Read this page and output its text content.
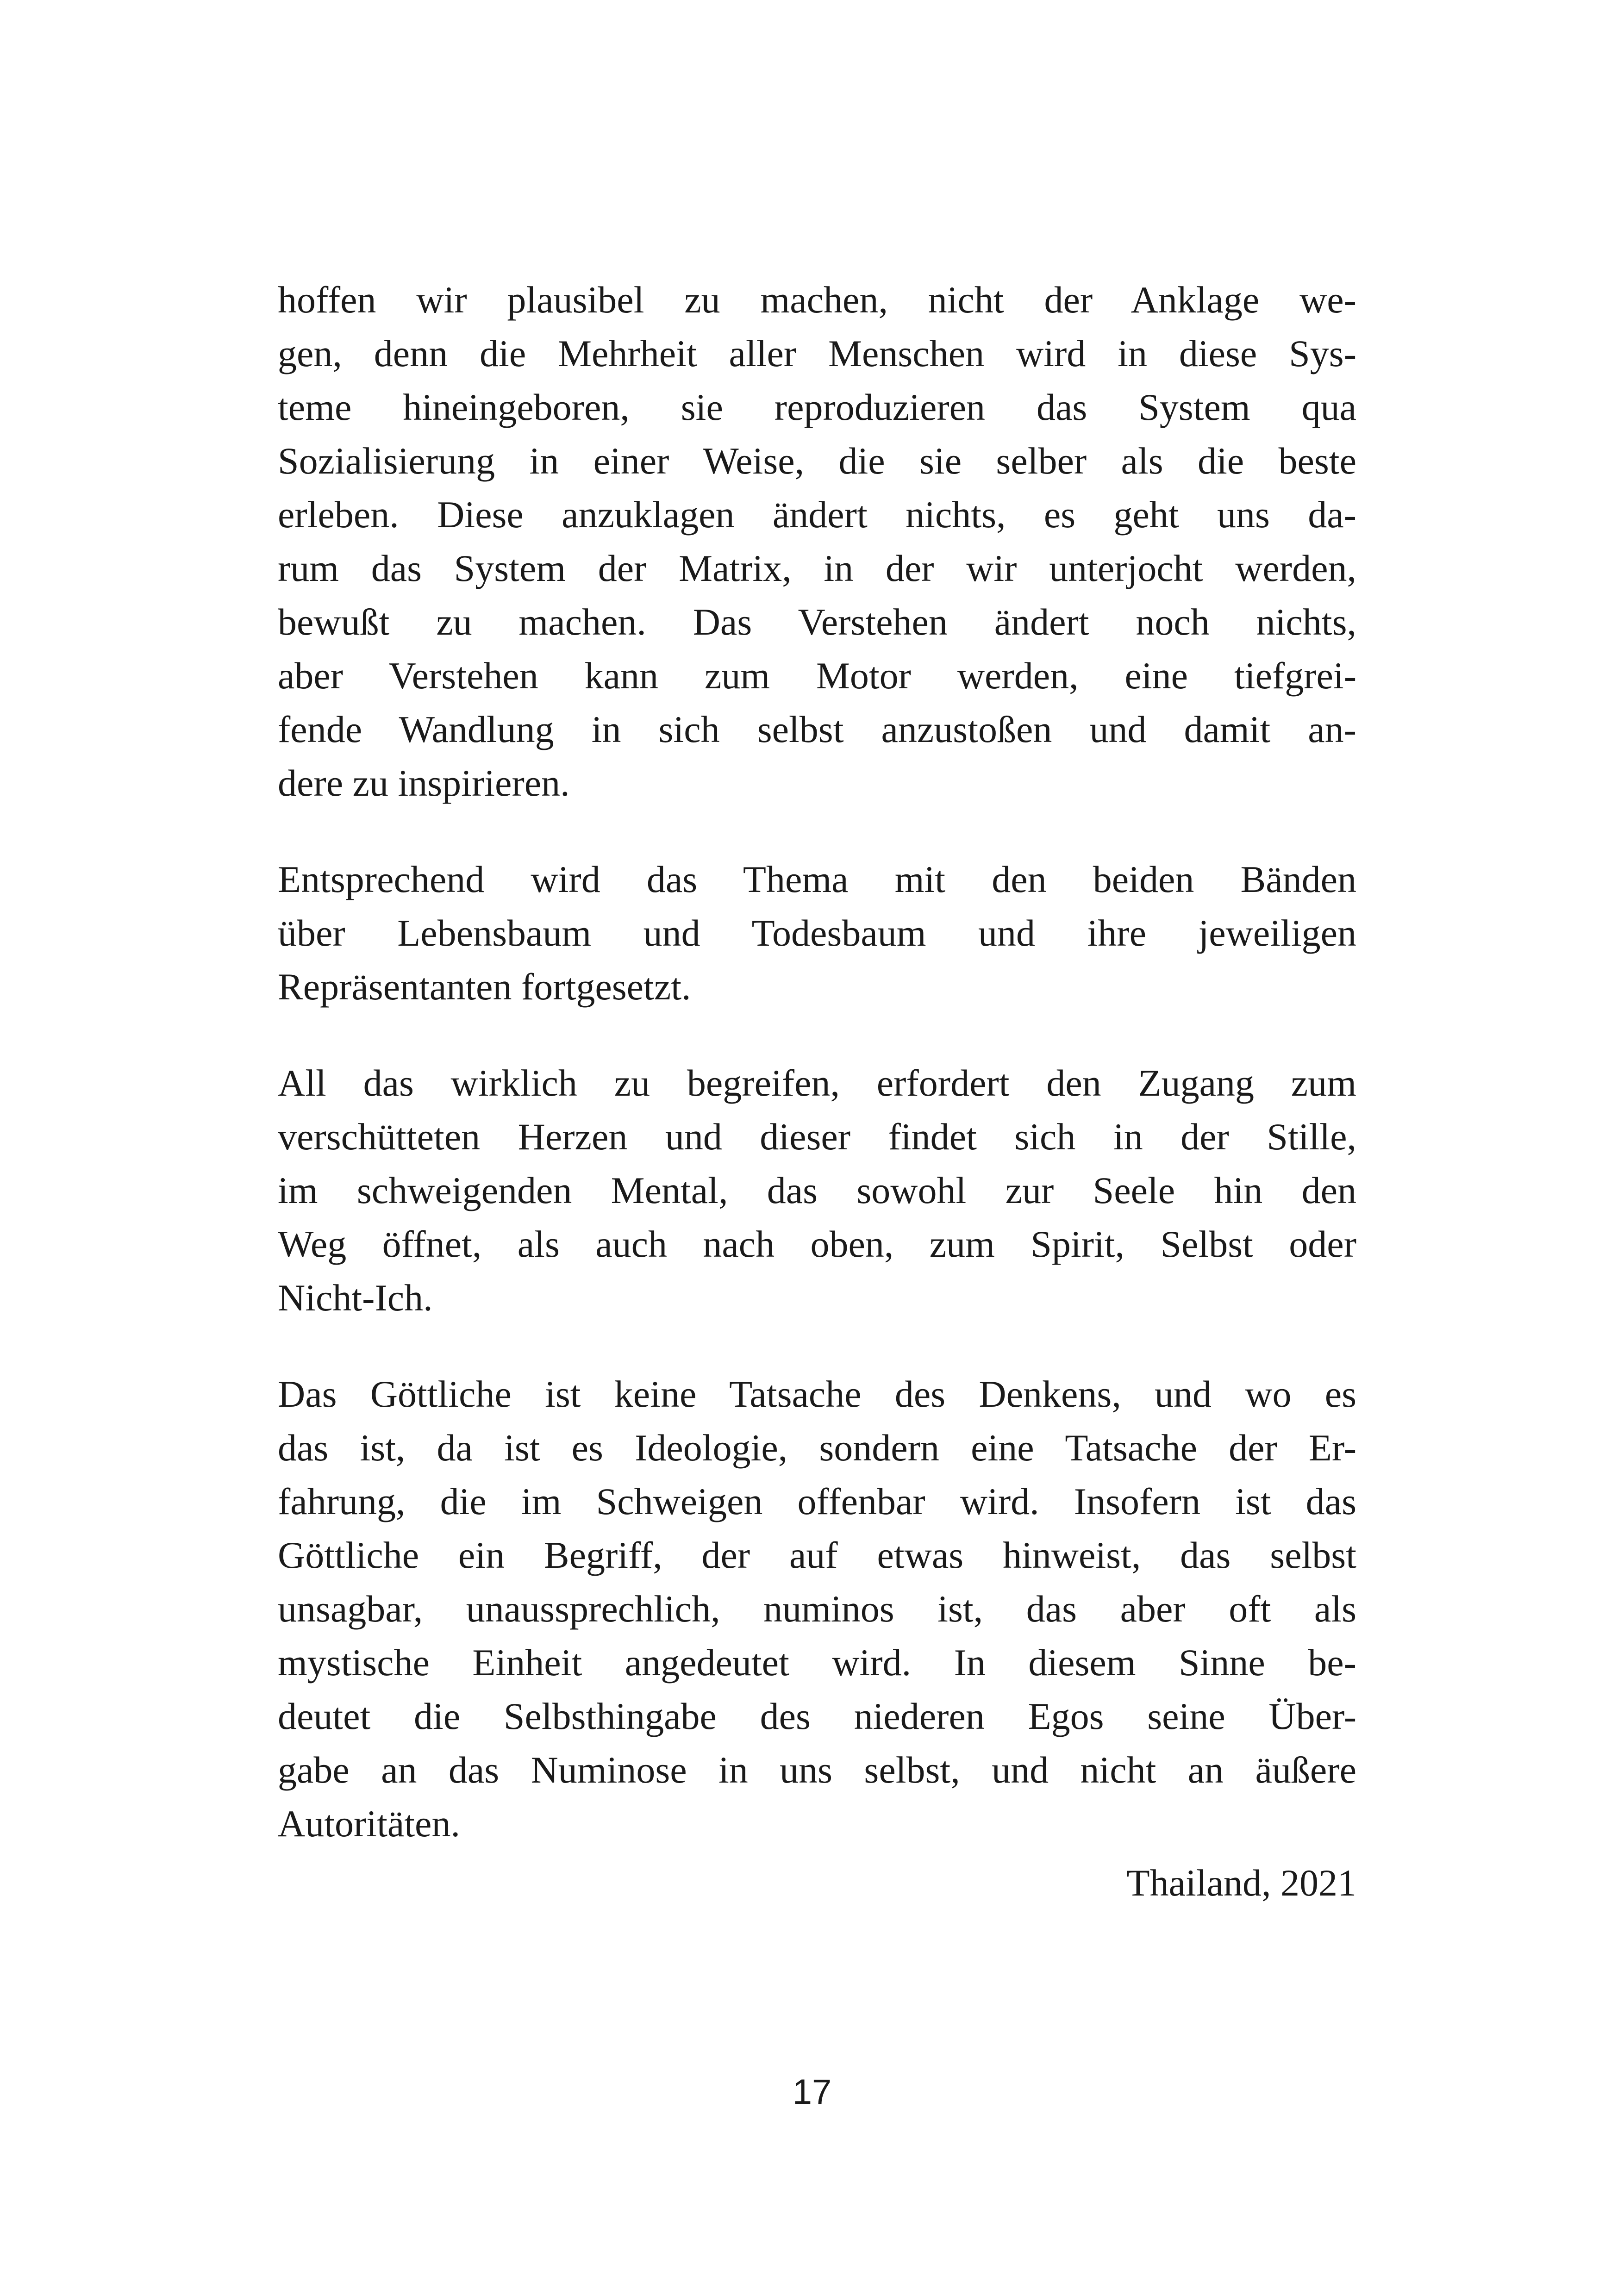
hoffen wir plausibel zu machen, nicht der Anklage we-
gen, denn die Mehrheit aller Menschen wird in diese Sys-
teme hineingeboren, sie reproduzieren das System qua
Sozialisierung in einer Weise, die sie selber als die beste
erleben. Diese anzuklagen ändert nichts, es geht uns da-
rum das System der Matrix, in der wir unterjocht werden,
bewußt zu machen. Das Verstehen ändert noch nichts,
aber Verstehen kann zum Motor werden, eine tiefgrei-
fende Wandlung in sich selbst anzustoßen und damit an-
dere zu inspirieren.

Entsprechend wird das Thema mit den beiden Bänden
über Lebensbaum und Todesbaum und ihre jeweiligen
Repräsentanten fortgesetzt.

All das wirklich zu begreifen, erfordert den Zugang zum
verschütteten Herzen und dieser findet sich in der Stille,
im schweigenden Mental, das sowohl zur Seele hin den
Weg öffnet, als auch nach oben, zum Spirit, Selbst oder
Nicht-Ich.

Das Göttliche ist keine Tatsache des Denkens, und wo es
das ist, da ist es Ideologie, sondern eine Tatsache der Er-
fahrung, die im Schweigen offenbar wird. Insofern ist das
Göttliche ein Begriff, der auf etwas hinweist, das selbst
unsagbar, unaussprechlich, numinos ist, das aber oft als
mystische Einheit angedeutet wird. In diesem Sinne be-
deutet die Selbsthingabe des niederen Egos seine Über-
gabe an das Numinose in uns selbst, und nicht an äußere
Autoritäten.

Thailand, 2021
17
